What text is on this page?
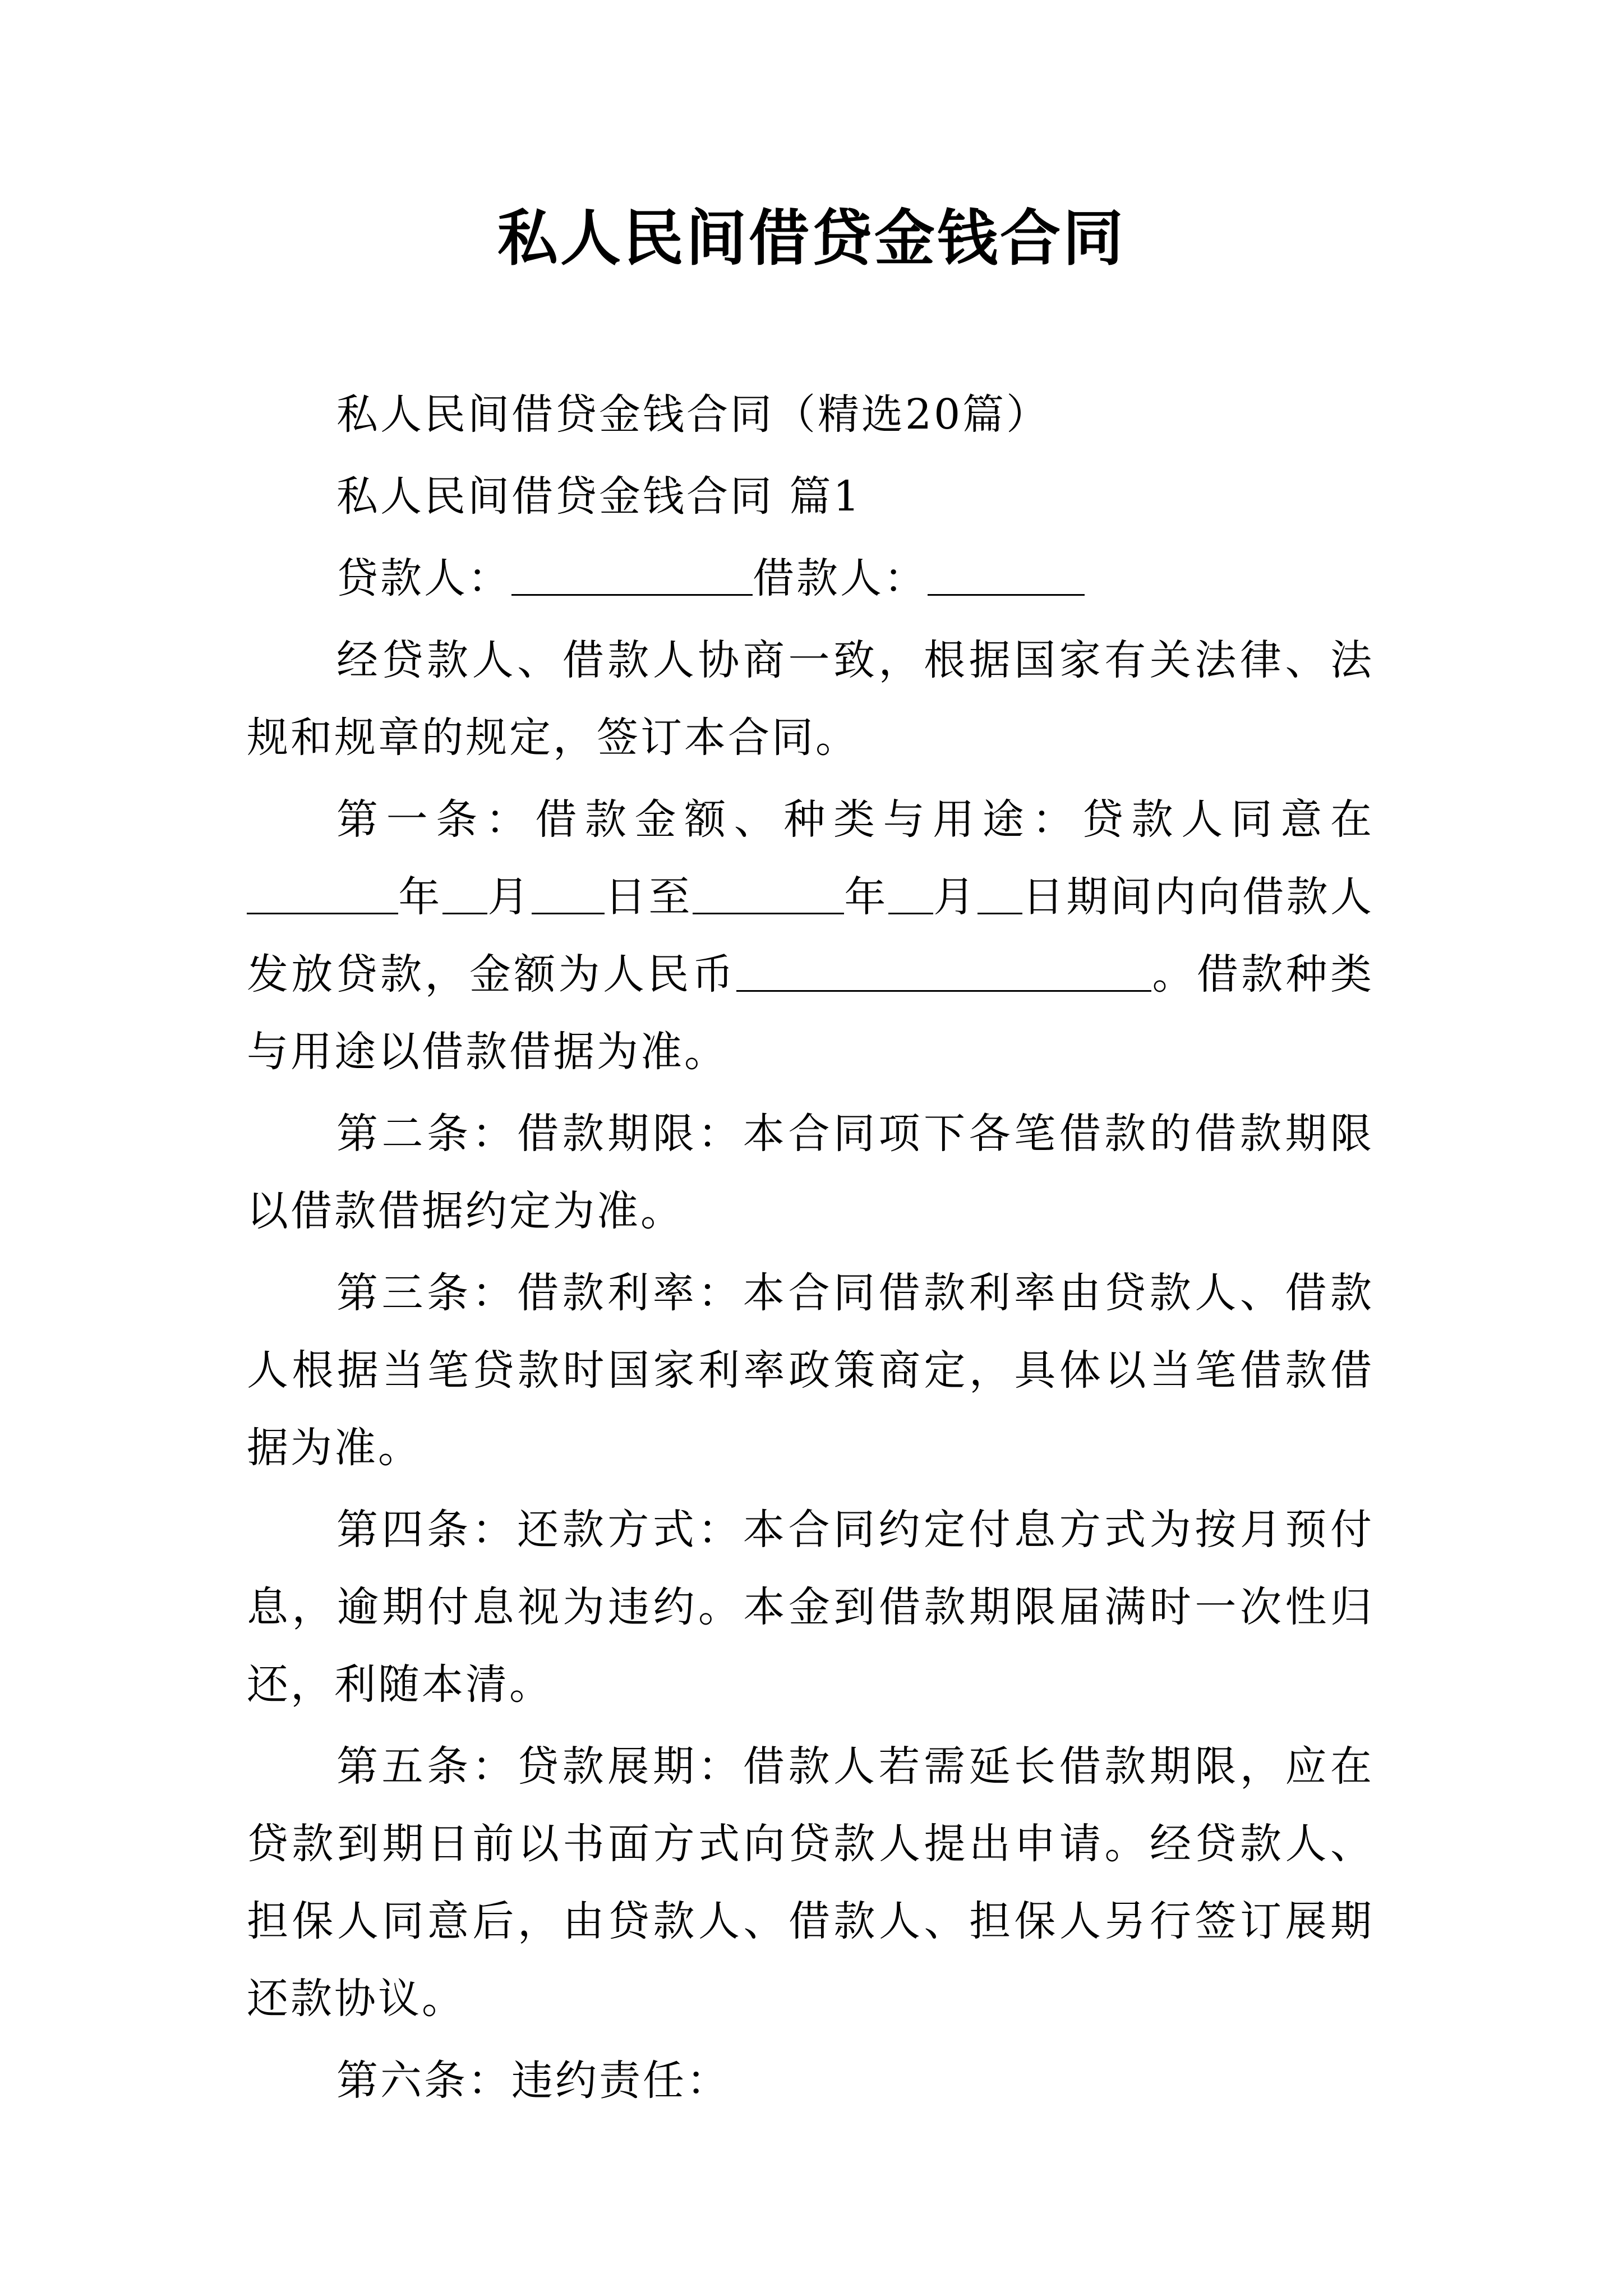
私人民间借贷金钱合同

私人民间借贷金钱合同（精选20篇）

私人民间借贷金钱合同 篇1

贷款人：	借款人：

经贷款人、借款人协商一致，根据国家有关法律、法规和规章的规定，签订本合同。

第一条：借款金额、种类与用途：贷款人同意在年 月 日至	年 月 日期间内向借款人发放贷款，金额为人民币	。借款种类与用途以借款借据为准。

第二条：借款期限：本合同项下各笔借款的借款期限以借款借据约定为准。

第三条：借款利率：本合同借款利率由贷款人、借款人根据当笔贷款时国家利率政策商定，具体以当笔借款借据为准。

第四条：还款方式：本合同约定付息方式为按月预付息，逾期付息视为违约。本金到借款期限届满时一次性归还，利随本清。

第五条：贷款展期：借款人若需延长借款期限，应在贷款到期日前以书面方式向贷款人提出申请。经贷款人、担保人同意后，由贷款人、借款人、担保人另行签订展期还款协议。

第六条：违约责任：
